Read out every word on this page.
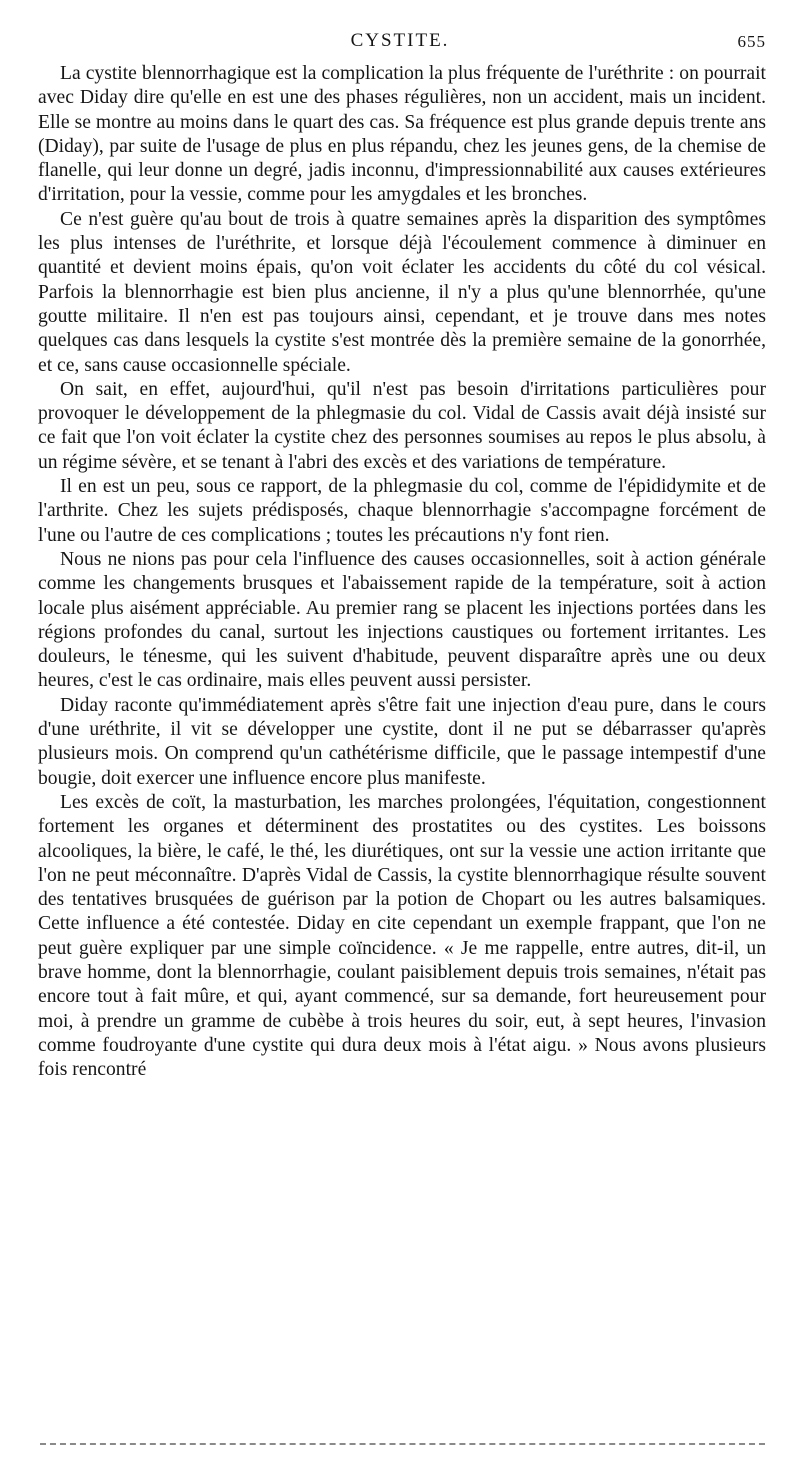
CYSTITE.	655

La cystite blennorrhagique est la complication la plus fréquente de l'uréthrite : on pourrait avec Diday dire qu'elle en est une des phases régulières, non un accident, mais un incident. Elle se montre au moins dans le quart des cas. Sa fréquence est plus grande depuis trente ans (Diday), par suite de l'usage de plus en plus répandu, chez les jeunes gens, de la chemise de flanelle, qui leur donne un degré, jadis inconnu, d'impressionnabilité aux causes extérieures d'irritation, pour la vessie, comme pour les amygdales et les bronches.

Ce n'est guère qu'au bout de trois à quatre semaines après la disparition des symptômes les plus intenses de l'uréthrite, et lorsque déjà l'écoulement commence à diminuer en quantité et devient moins épais, qu'on voit éclater les accidents du côté du col vésical. Parfois la blennorrhagie est bien plus ancienne, il n'y a plus qu'une blennorrhée, qu'une goutte militaire. Il n'en est pas toujours ainsi, cependant, et je trouve dans mes notes quelques cas dans lesquels la cystite s'est montrée dès la première semaine de la gonorrhée, et ce, sans cause occasionnelle spéciale.

On sait, en effet, aujourd'hui, qu'il n'est pas besoin d'irritations particulières pour provoquer le développement de la phlegmasie du col. Vidal de Cassis avait déjà insisté sur ce fait que l'on voit éclater la cystite chez des personnes soumises au repos le plus absolu, à un régime sévère, et se tenant à l'abri des excès et des variations de température.

Il en est un peu, sous ce rapport, de la phlegmasie du col, comme de l'épididymite et de l'arthrite. Chez les sujets prédisposés, chaque blennorrhagie s'accompagne forcément de l'une ou l'autre de ces complications ; toutes les précautions n'y font rien.

Nous ne nions pas pour cela l'influence des causes occasionnelles, soit à action générale comme les changements brusques et l'abaissement rapide de la température, soit à action locale plus aisément appréciable. Au premier rang se placent les injections portées dans les régions profondes du canal, surtout les injections caustiques ou fortement irritantes. Les douleurs, le ténesme, qui les suivent d'habitude, peuvent disparaître après une ou deux heures, c'est le cas ordinaire, mais elles peuvent aussi persister.

Diday raconte qu'immédiatement après s'être fait une injection d'eau pure, dans le cours d'une uréthrite, il vit se développer une cystite, dont il ne put se débarrasser qu'après plusieurs mois. On comprend qu'un cathétérisme difficile, que le passage intempestif d'une bougie, doit exercer une influence encore plus manifeste.

Les excès de coït, la masturbation, les marches prolongées, l'équitation, congestionnent fortement les organes et déterminent des prostatites ou des cystites. Les boissons alcooliques, la bière, le café, le thé, les diurétiques, ont sur la vessie une action irritante que l'on ne peut méconnaître. D'après Vidal de Cassis, la cystite blennorrhagique résulte souvent des tentatives brusquées de guérison par la potion de Chopart ou les autres balsamiques. Cette influence a été contestée. Diday en cite cependant un exemple frappant, que l'on ne peut guère expliquer par une simple coïncidence. « Je me rappelle, entre autres, dit-il, un brave homme, dont la blennorrhagie, coulant paisiblement depuis trois semaines, n'était pas encore tout à fait mûre, et qui, ayant commencé, sur sa demande, fort heureusement pour moi, à prendre un gramme de cubèbe à trois heures du soir, eut, à sept heures, l'invasion comme foudroyante d'une cystite qui dura deux mois à l'état aigu. » Nous avons plusieurs fois rencontré
